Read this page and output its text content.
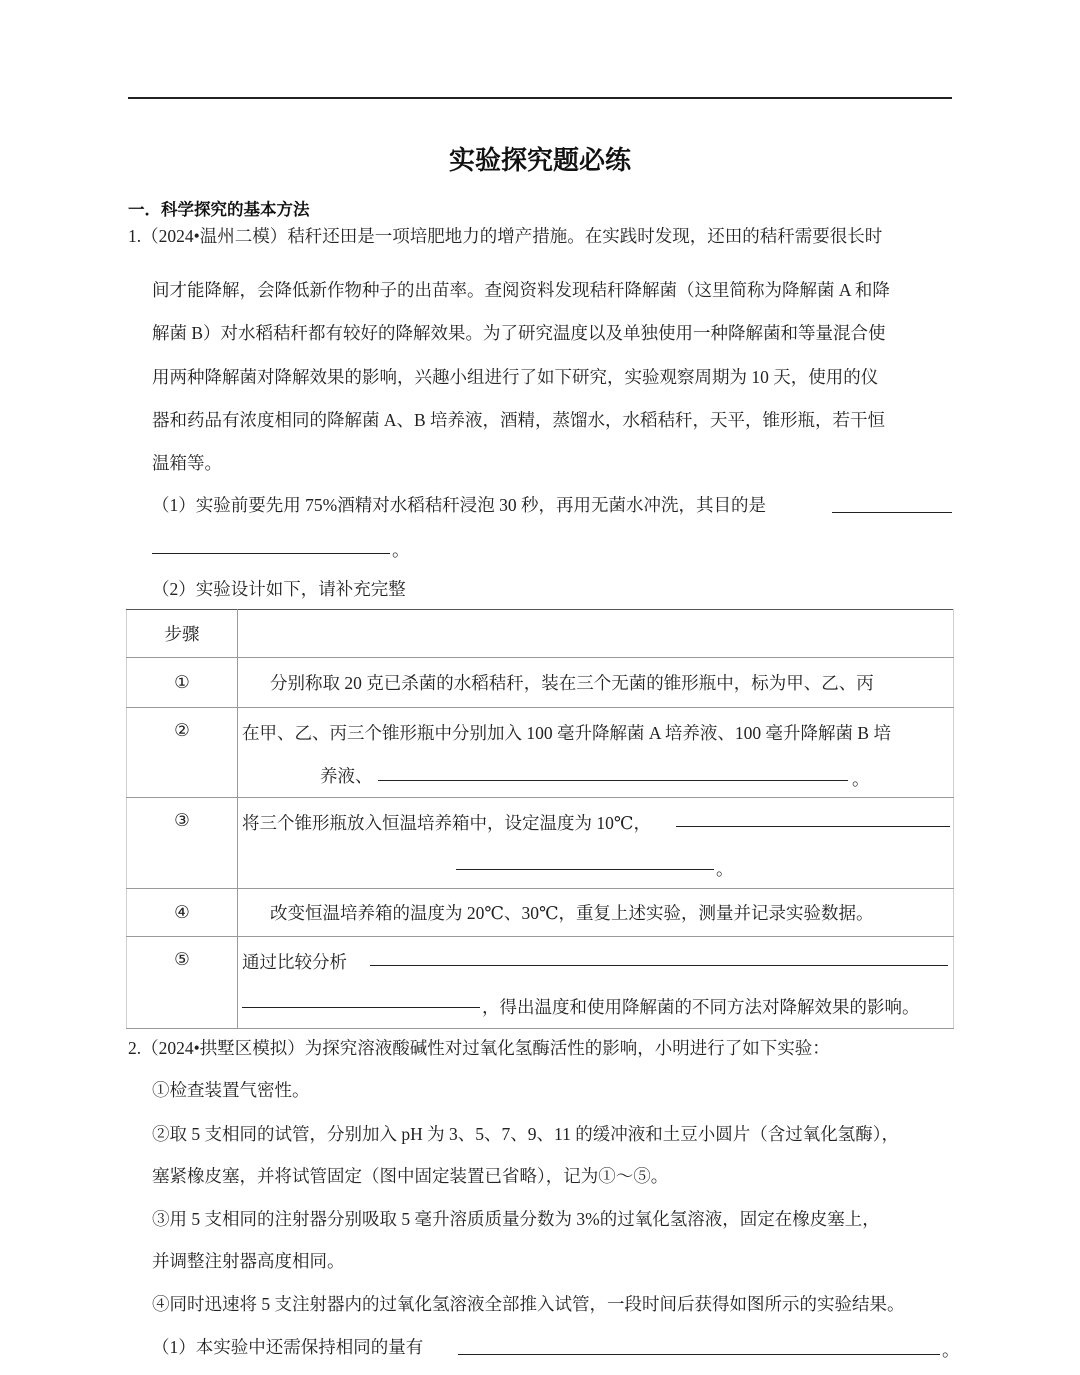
实验探究题必练
一．科学探究的基本方法
1.（2024•温州二模）秸秆还田是一项培肥地力的增产措施。在实践时发现，还田的秸秆需要很长时
间才能降解，会降低新作物种子的出苗率。查阅资料发现秸秆降解菌（这里简称为降解菌 A 和降
解菌 B）对水稻秸秆都有较好的降解效果。为了研究温度以及单独使用一种降解菌和等量混合使
用两种降解菌对降解效果的影响，兴趣小组进行了如下研究，实验观察周期为 10 天，使用的仪
器和药品有浓度相同的降解菌 A、B 培养液，酒精，蒸馏水，水稻秸秆，天平，锥形瓶，若干恒
温箱等。
（1）实验前要先用 75%酒精对水稻秸秆浸泡 30 秒，再用无菌水冲洗，其目的是
。
（2）实验设计如下，请补充完整
步骤	
①	分别称取 20 克已杀菌的水稻秸秆，装在三个无菌的锥形瓶中，标为甲、乙、丙
②	在甲、乙、丙三个锥形瓶中分别加入 100 毫升降解菌 A 培养液、100 毫升降解菌 B 培
养液、 。

③	将三个锥形瓶放入恒温培养箱中，设定温度为 10℃，
。

④	改变恒温培养箱的温度为 20℃、30℃，重复上述实验，测量并记录实验数据。
⑤	通过比较分析
，得出温度和使用降解菌的不同方法对降解效果的影响。
2.（2024•拱墅区模拟）为探究溶液酸碱性对过氧化氢酶活性的影响，小明进行了如下实验：
①检查装置气密性。
②取 5 支相同的试管，分别加入 pH 为 3、5、7、9、11 的缓冲液和土豆小圆片（含过氧化氢酶），
塞紧橡皮塞，并将试管固定（图中固定装置已省略），记为①～⑤。
③用 5 支相同的注射器分别吸取 5 毫升溶质质量分数为 3%的过氧化氢溶液，固定在橡皮塞上，
并调整注射器高度相同。
④同时迅速将 5 支注射器内的过氧化氢溶液全部推入试管，一段时间后获得如图所示的实验结果。
（1）本实验中还需保持相同的量有	。
